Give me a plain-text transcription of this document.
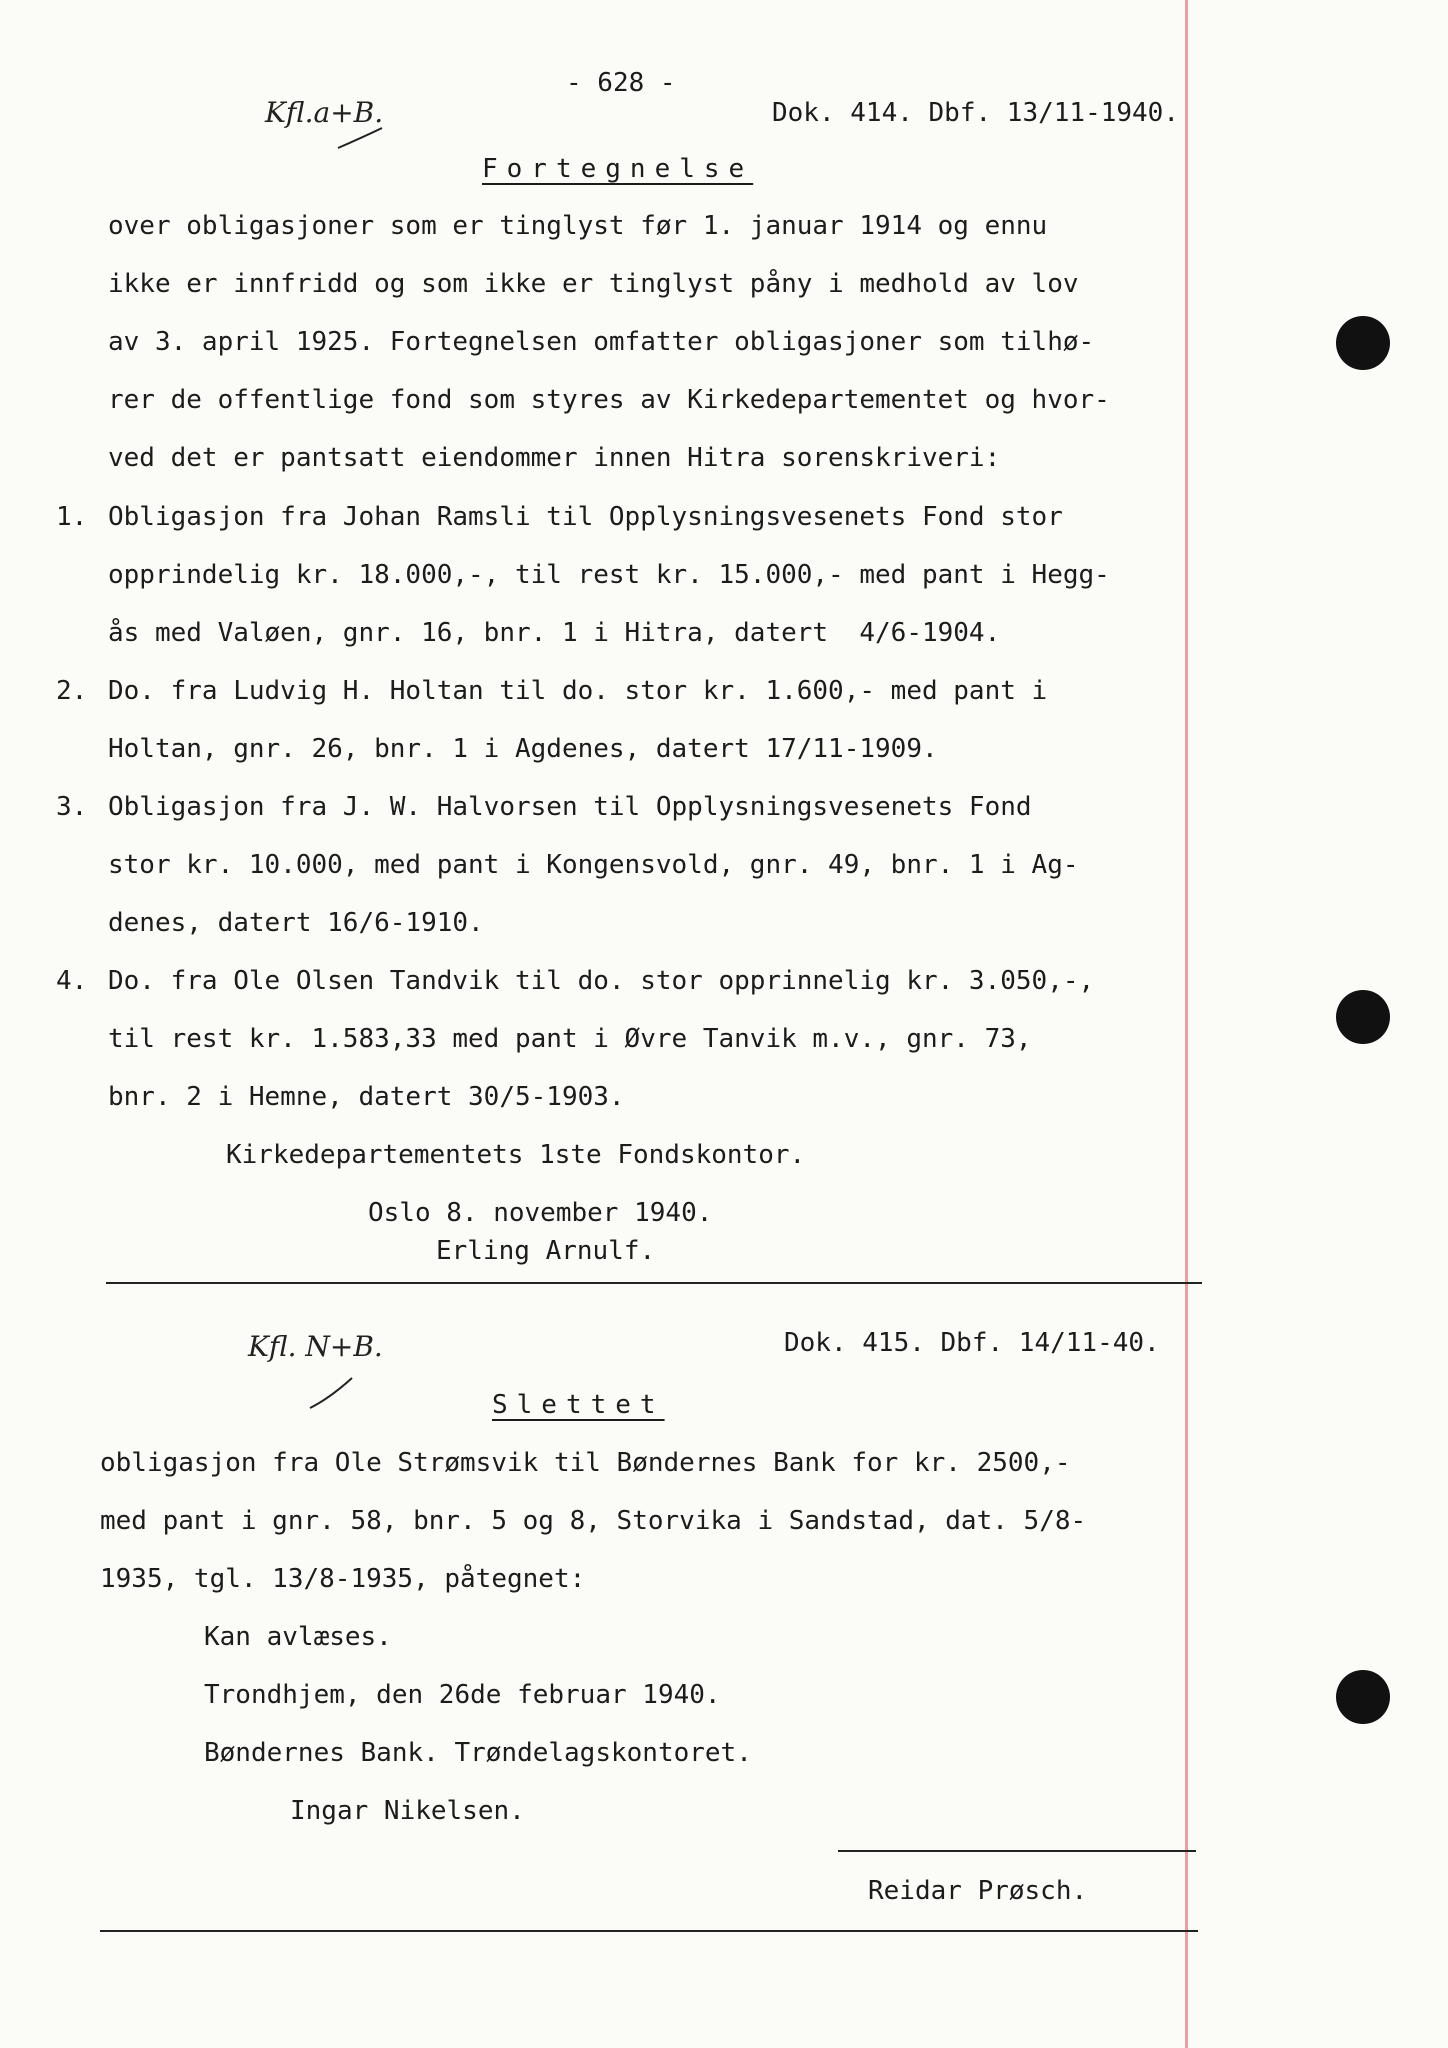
Kfl.a+B.
- 628 -
Dok. 414. Dbf. 13/11-1940.
Fortegnelse
over obligasjoner som er tinglyst før 1. januar 1914 og ennu
ikke er innfridd og som ikke er tinglyst påny i medhold av lov
av 3. april 1925. Fortegnelsen omfatter obligasjoner som tilhø-
rer de offentlige fond som styres av Kirkedepartementet og hvor-
ved det er pantsatt eiendommer innen Hitra sorenskriveri:
1. Obligasjon fra Johan Ramsli til Opplysningsvesenets Fond stor
opprindelig kr. 18.000,-, til rest kr. 15.000,- med pant i Hegg-
ås med Valøen, gnr. 16, bnr. 1 i Hitra, datert  4/6-1904.
2. Do. fra Ludvig H. Holtan til do. stor kr. 1.600,- med pant i
Holtan, gnr. 26, bnr. 1 i Agdenes, datert 17/11-1909.
3. Obligasjon fra J. W. Halvorsen til Opplysningsvesenets Fond
stor kr. 10.000, med pant i Kongensvold, gnr. 49, bnr. 1 i Ag-
denes, datert 16/6-1910.
4. Do. fra Ole Olsen Tandvik til do. stor opprinnelig kr. 3.050,-,
til rest kr. 1.583,33 med pant i Øvre Tanvik m.v., gnr. 73,
bnr. 2 i Hemne, datert 30/5-1903.
Kirkedepartementets 1ste Fondskontor.
Oslo 8. november 1940.
Erling Arnulf.
Dok. 415. Dbf. 14/11-40.
Kfl. N+B.
Slettet
obligasjon fra Ole Strømsvik til Bøndernes Bank for kr. 2500,-
med pant i gnr. 58, bnr. 5 og 8, Storvika i Sandstad, dat. 5/8-
1935, tgl. 13/8-1935, påtegnet:
Kan avlæses.
Trondhjem, den 26de februar 1940.
Bøndernes Bank. Trøndelagskontoret.
Ingar Nikelsen.
Reidar Prøsch.
